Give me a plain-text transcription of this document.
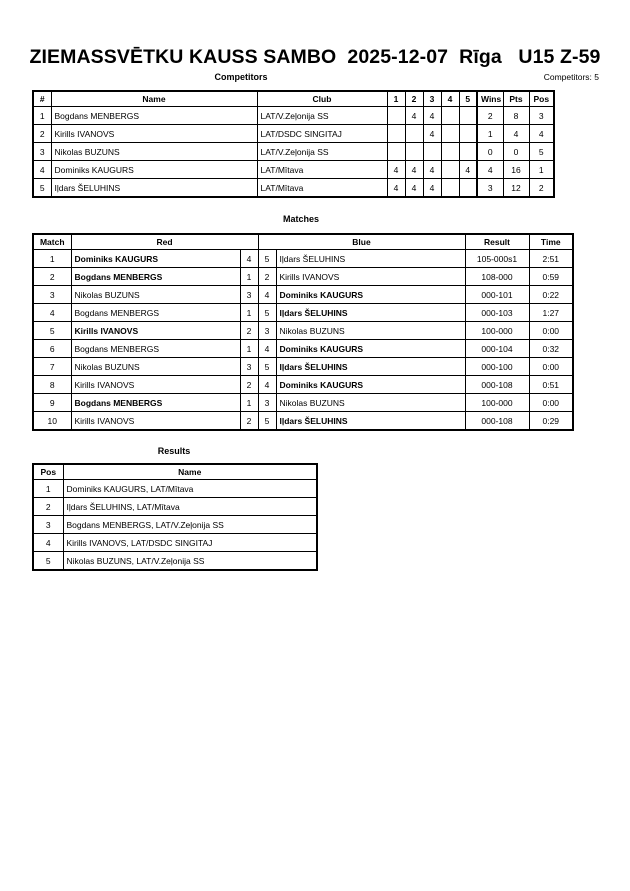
ZIEMASSVĒTKU KAUSS SAMBO 2025-12-07 Rīga U15 Z-59
Competitors	Competitors: 5
#	Name	Club	1	2	3	4	5	Wins	Pts	Pos
1	Bogdans MENBERGS	LAT/V.Zeļonija SS		4	4			2	8	3
2	Kirills IVANOVS	LAT/DSDC SINGITAJ			4			1	4	4
3	Nikolas BUZUNS	LAT/V.Zeļonija SS						0	0	5
4	Dominiks KAUGURS	LAT/Mītava	4	4	4		4	4	16	1
5	Iļdars ŠELUHINS	LAT/Mītava	4	4	4			3	12	2
Matches
Match	Red		Blue		Result	Time
1	Dominiks KAUGURS	4	5	Iļdars ŠELUHINS	105-000s1	2:51
2	Bogdans MENBERGS	1	2	Kirills IVANOVS	108-000	0:59
3	Nikolas BUZUNS	3	4	Dominiks KAUGURS	000-101	0:22
4	Bogdans MENBERGS	1	5	Iļdars ŠELUHINS	000-103	1:27
5	Kirills IVANOVS	2	3	Nikolas BUZUNS	100-000	0:00
6	Bogdans MENBERGS	1	4	Dominiks KAUGURS	000-104	0:32
7	Nikolas BUZUNS	3	5	Iļdars ŠELUHINS	000-100	0:00
8	Kirills IVANOVS	2	4	Dominiks KAUGURS	000-108	0:51
9	Bogdans MENBERGS	1	3	Nikolas BUZUNS	100-000	0:00
10	Kirills IVANOVS	2	5	Iļdars ŠELUHINS	000-108	0:29
Results
Pos	Name
1	Dominiks KAUGURS, LAT/Mītava
2	Iļdars ŠELUHINS, LAT/Mītava
3	Bogdans MENBERGS, LAT/V.Zeļonija SS
4	Kirills IVANOVS, LAT/DSDC SINGITAJ
5	Nikolas BUZUNS, LAT/V.Zeļonija SS
